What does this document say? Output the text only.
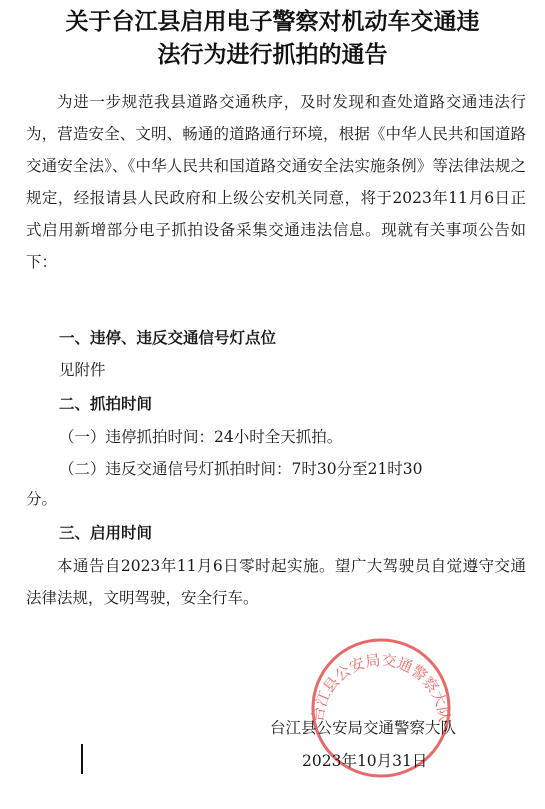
关于台江县启用电子警察对机动车交通违
法行为进行抓拍的通告
为进一步规范我县道路交通秩序，及时发现和查处道路交通违法行为，营造安全、文明、畅通的道路通行环境，根据《中华人民共和国道路交通安全法》、《中华人民共和国道路交通安全法实施条例》等法律法规之规定，经报请县人民政府和上级公安机关同意，将于2023年11月6日正式启用新增部分电子抓拍设备采集交通违法信息。现就有关事项公告如下：
一、违停、违反交通信号灯点位
见附件
二、抓拍时间
（一）违停抓拍时间：24小时全天抓拍。
（二）违反交通信号灯抓拍时间：7时30分至21时30
分。
三、启用时间
本通告自2023年11月6日零时起实施。望广大驾驶员自觉遵守交通法律法规，文明驾驶，安全行车。
台江县公安局交通警察大队
台江县公安局交通警察大队
2023年10月31日
